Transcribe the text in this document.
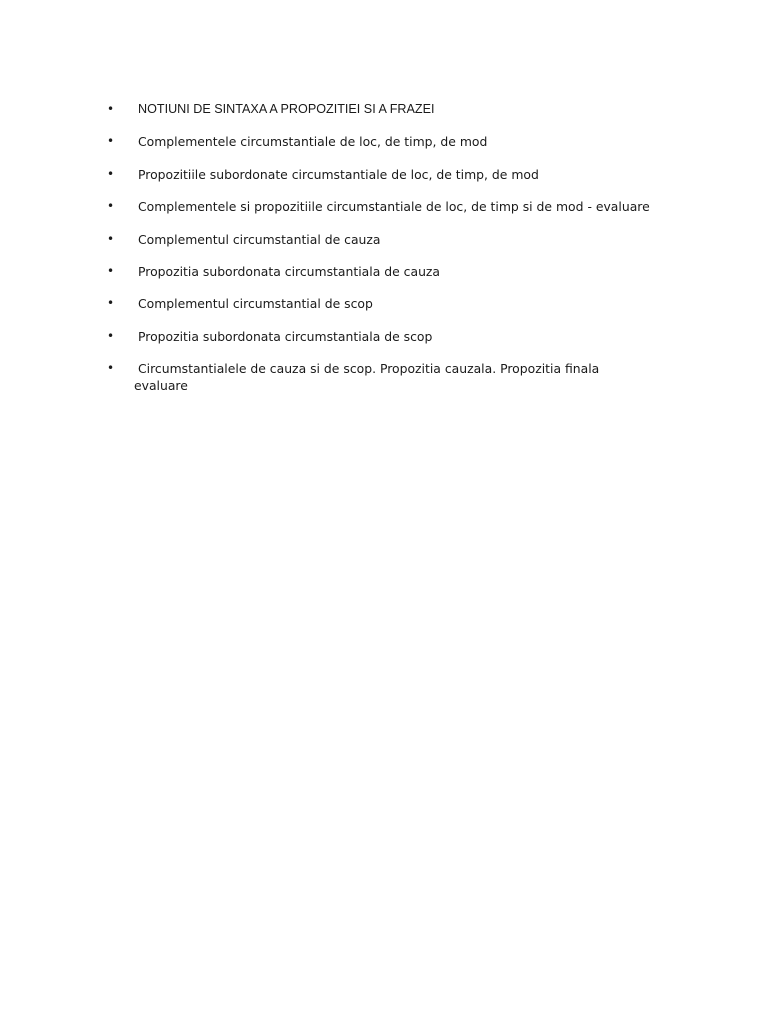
•	NOTIUNI DE SINTAXA A PROPOZITIEI SI A FRAZEI
•	Complementele circumstantiale de loc, de timp, de mod
•	Propozitiile subordonate circumstantiale de loc, de timp, de mod
•	Complementele si propozitiile circumstantiale de loc, de timp si de mod - evaluare
•	Complementul circumstantial de cauza
•	Propozitia subordonata circumstantiala de cauza
•	Complementul circumstantial de scop
•	Propozitia subordonata circumstantiala de scop
•	Circumstantialele de cauza si de scop. Propozitia cauzala. Propozitia finala
evaluare
